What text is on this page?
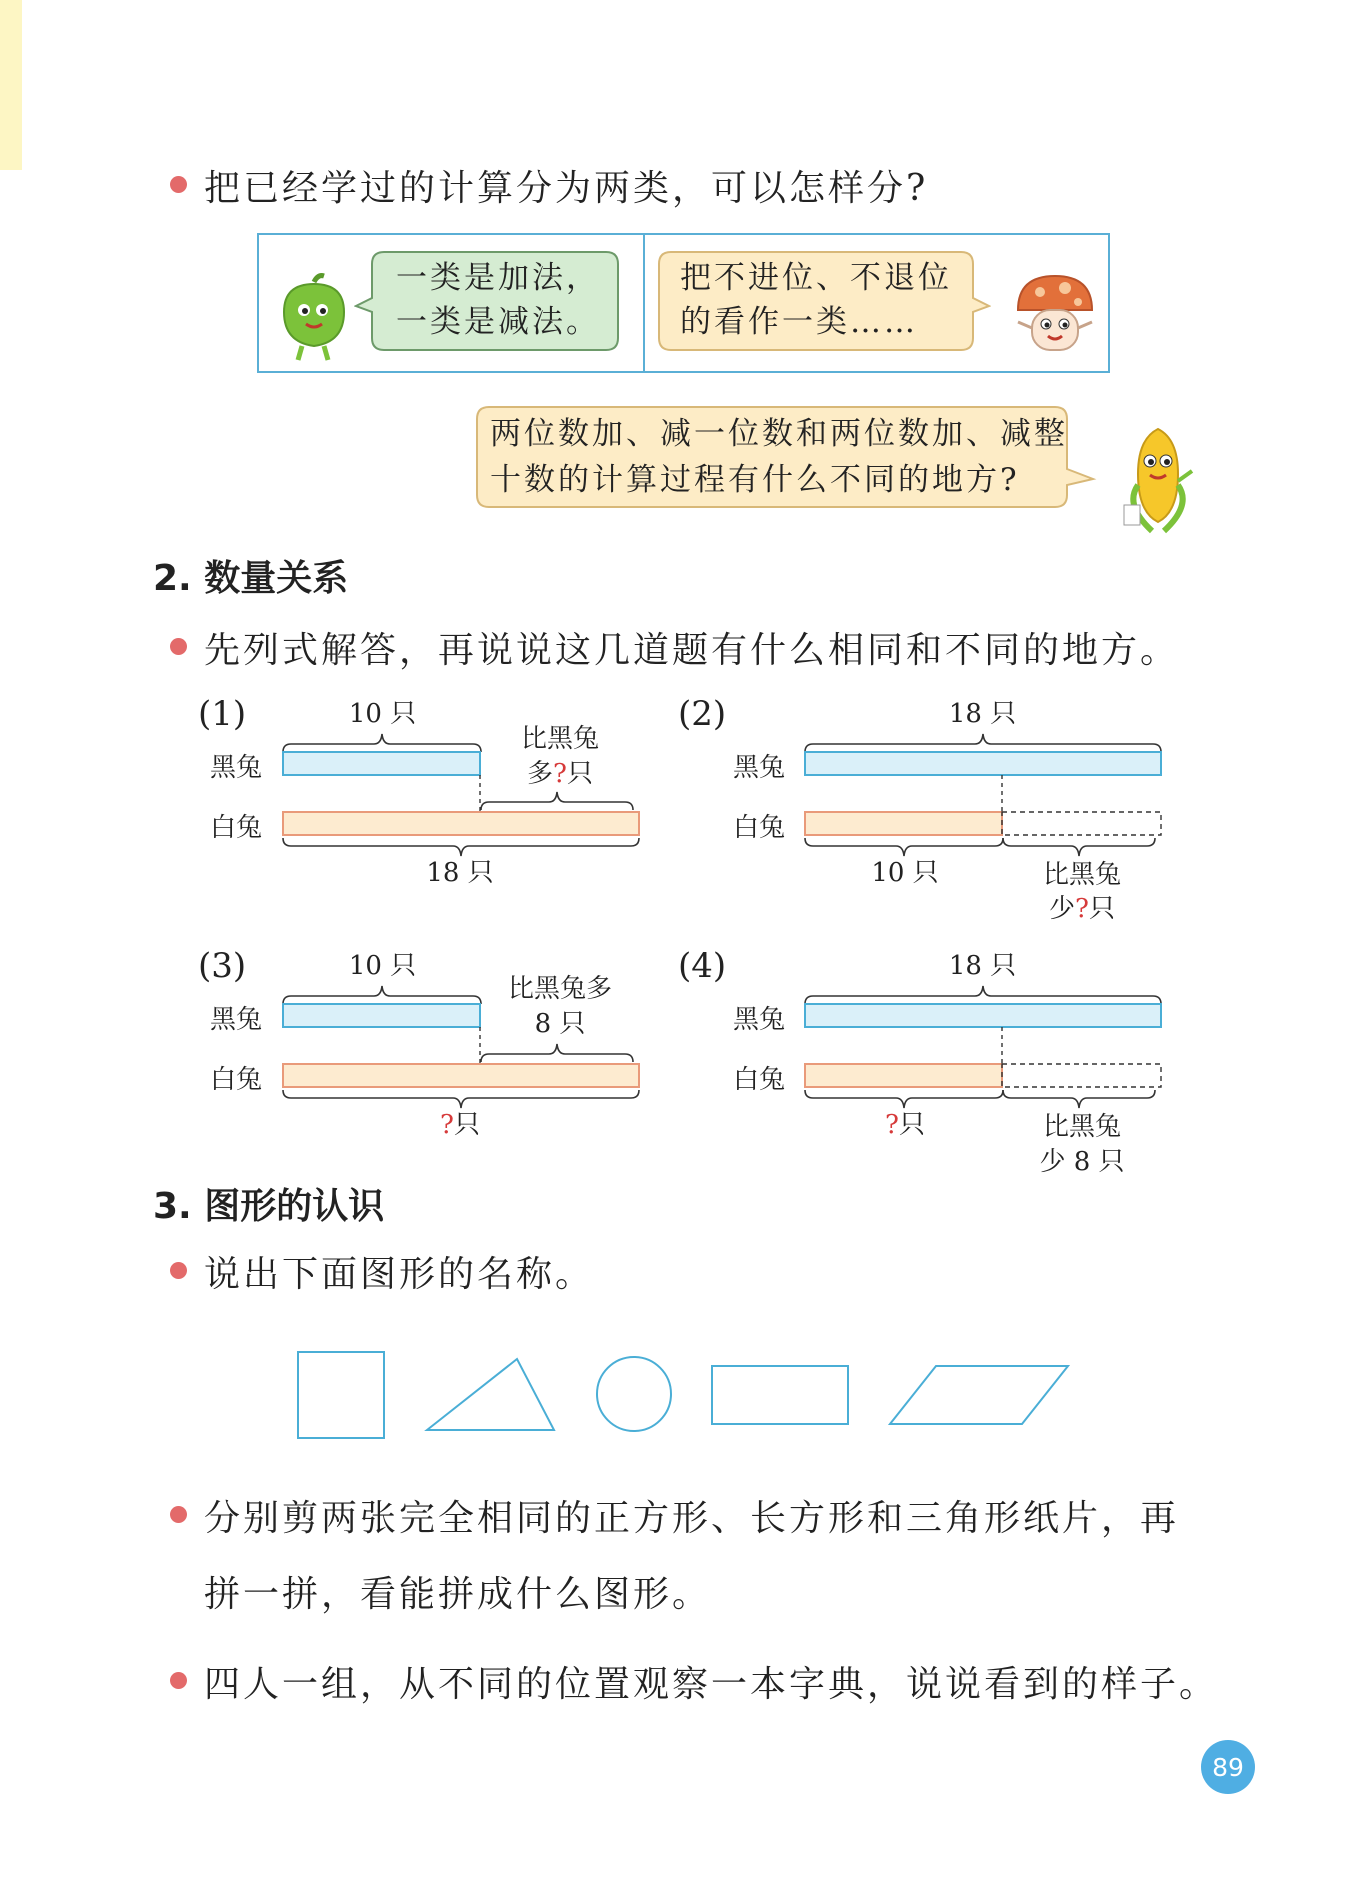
把已经学过的计算分为两类，可以怎样分?
一类是加法，
一类是减法。
把不进位、不退位
的看作一类……
两位数加、减一位数和两位数加、减整
十数的计算过程有什么不同的地方?
2. 数量关系
先列式解答，再说说这几道题有什么相同和不同的地方。
(1)
黑兔
白兔
10 只
比黑兔
多?只
18 只
(2)
黑兔
白兔
18 只
10 只	比黑兔
少?只
(3)
黑兔
白兔
10 只
比黑兔多
8 只
?只
(4)
黑兔
白兔
18 只
?只	比黑兔
少 8 只
3. 图形的认识
说出下面图形的名称。
分别剪两张完全相同的正方形、长方形和三角形纸片，再
拼一拼，看能拼成什么图形。
四人一组，从不同的位置观察一本字典，说说看到的样子。
89
